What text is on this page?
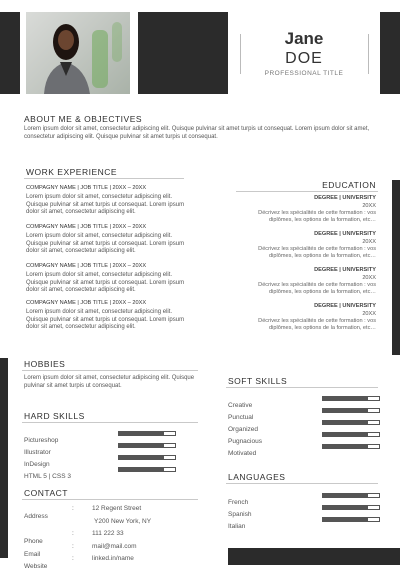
Jane
DOE
PROFESSIONAL TITLE
ABOUT ME & OBJECTIVES
Lorem ipsum dolor sit amet, consectetur adipiscing elit. Quisque pulvinar sit amet turpis ut consequat. Lorem ipsum dolor sit amet, consectetur adipiscing elit. Quisque pulvinar sit amet turpis ut consequat.
WORK EXPERIENCE
COMPAGNY NAME | JOB TITLE | 20XX – 20XX
Lorem ipsum dolor sit amet, consectetur adipiscing elit. Quisque pulvinar sit amet turpis ut consequat. Lorem ipsum dolor sit amet, consectetur adipiscing elit.
COMPAGNY NAME | JOB TITLE | 20XX – 20XX
Lorem ipsum dolor sit amet, consectetur adipiscing elit. Quisque pulvinar sit amet turpis ut consequat. Lorem ipsum dolor sit amet, consectetur adipiscing elit.
COMPAGNY NAME | JOB TITLE | 20XX – 20XX
Lorem ipsum dolor sit amet, consectetur adipiscing elit. Quisque pulvinar sit amet turpis ut consequat. Lorem ipsum dolor sit amet, consectetur adipiscing elit.
COMPAGNY NAME | JOB TITLE | 20XX – 20XX
Lorem ipsum dolor sit amet, consectetur adipiscing elit. Quisque pulvinar sit amet turpis ut consequat. Lorem ipsum dolor sit amet, consectetur adipiscing elit.
EDUCATION
DEGREE | UNIVERSITY
20XX
Décrivez les spécialités de cette formation : vos diplômes, les options de la formation, etc…
DEGREE | UNIVERSITY
20XX
Décrivez les spécialités de cette formation : vos diplômes, les options de la formation, etc…
DEGREE | UNIVERSITY
20XX
Décrivez les spécialités de cette formation : vos diplômes, les options de la formation, etc…
DEGREE | UNIVERSITY
20XX
Décrivez les spécialités de cette formation : vos diplômes, les options de la formation, etc…
HOBBIES
Lorem ipsum dolor sit amet, consectetur adipiscing elit. Quisque pulvinar sit amet turpis ut consequat.
HARD SKILLS
Pictureshop
Illustrator
InDesign
HTML 5 | CSS 3
CONTACT
Address
:	12 Regent Street
Y200 New York, NY
Phone
:	111 222 33
Email
:	mail@mail.com
Website
:	linked.in/name
SOFT SKILLS
Creative
Punctual
Organized
Pugnacious
Motivated
LANGUAGES
French
Spanish
Italian
